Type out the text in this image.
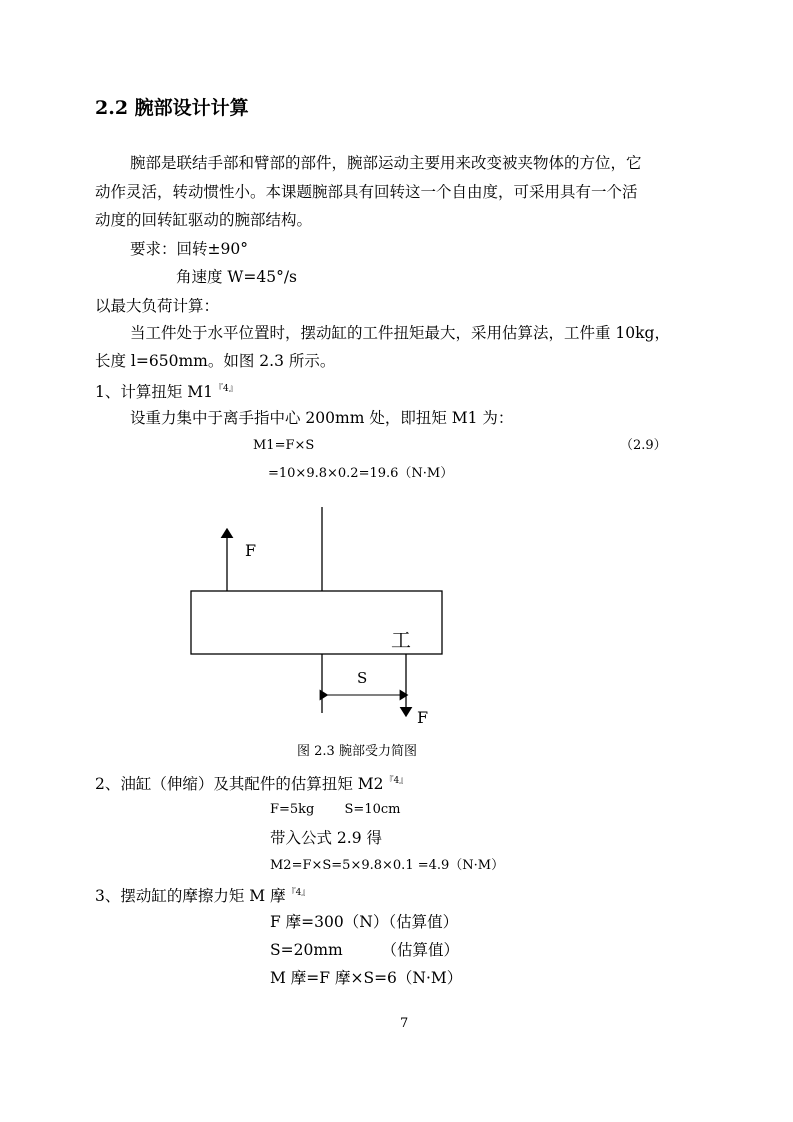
2.2 腕部设计计算
腕部是联结手部和臂部的部件，腕部运动主要用来改变被夹物体的方位，它
动作灵活，转动惯性小。本课题腕部具有回转这一个自由度，可采用具有一个活
动度的回转缸驱动的腕部结构。
要求：回转±90°
角速度 W=45°/s
以最大负荷计算：
当工件处于水平位置时，摆动缸的工件扭矩最大，采用估算法，工件重 10kg，
长度 l=650mm。如图 2.3 所示。
1、计算扭矩 $M1^{『4』}$
设重力集中于离手指中心 200mm 处，即扭矩 M1 为：
M1=F×S	（2.9）
=10×9.8×0.2=19.6（N·M）
F
工
S
F
图 2.3 腕部受力简图
2、油缸（伸缩）及其配件的估算扭矩 $M2^{『4』}$
F=5kg　　 S=10cm
带入公式 2.9 得
M2=F×S=5×9.8×0.1 =4.9（N·M）
3、摆动缸的摩擦力矩 M 摩$^{『4』}$
F 摩=300（N）（估算值）
S=20mm　　　（估算值）
M 摩=F 摩×S=6（N·M）
7
